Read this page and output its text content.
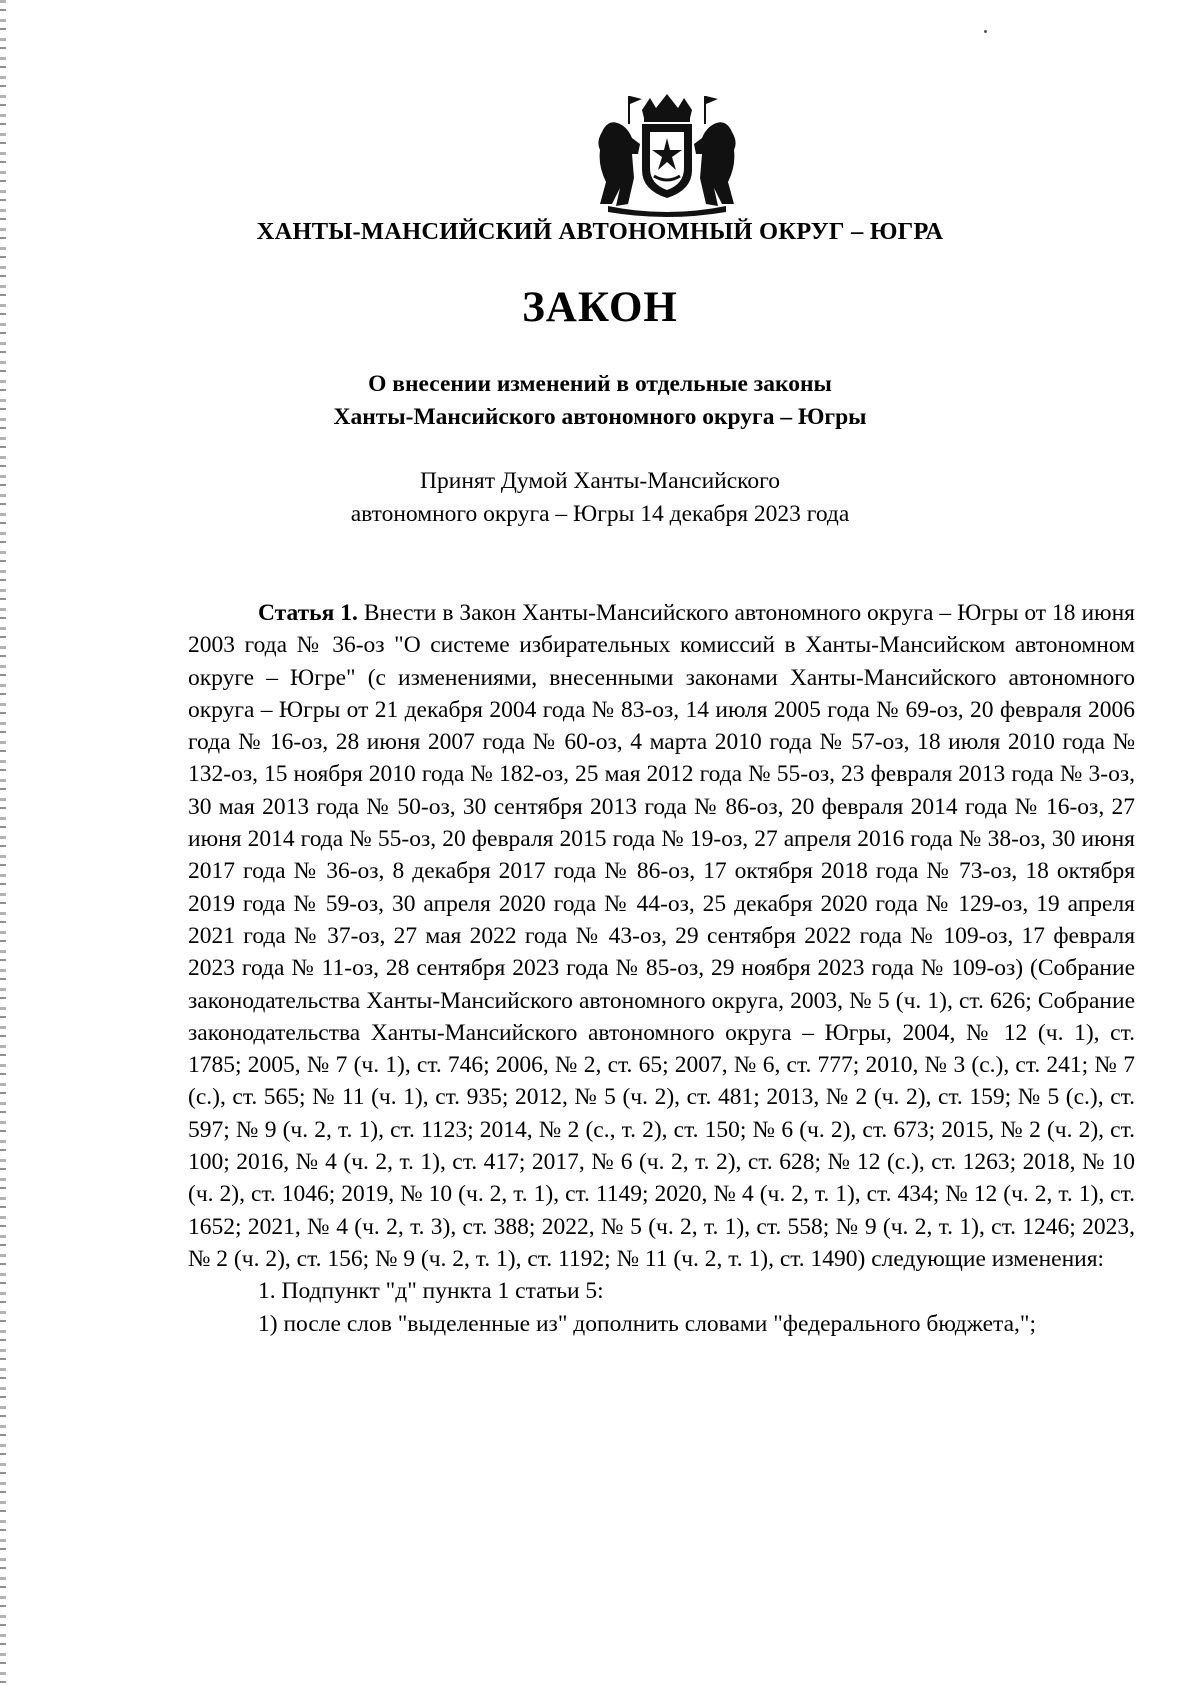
ХАНТЫ-МАНСИЙСКИЙ АВТОНОМНЫЙ ОКРУГ – ЮГРА
ЗАКОН
О внесении изменений в отдельные законы
Ханты-Мансийского автономного округа – Югры
Принят Думой Ханты-Мансийского
автономного округа – Югры 14 декабря 2023 года

Статья 1. Внести в Закон Ханты-Мансийского автономного округа – Югры от 18 июня 2003 года № 36-оз "О системе избирательных комиссий в Ханты-Мансийском автономном округе – Югре" (с изменениями, внесенными законами Ханты-Мансийского автономного округа – Югры от 21 декабря 2004 года № 83-оз, 14 июля 2005 года № 69-оз, 20 февраля 2006 года № 16-оз, 28 июня 2007 года № 60-оз, 4 марта 2010 года № 57-оз, 18 июля 2010 года № 132-оз, 15 ноября 2010 года № 182-оз, 25 мая 2012 года № 55-оз, 23 февраля 2013 года № 3-оз, 30 мая 2013 года № 50-оз, 30 сентября 2013 года № 86-оз, 20 февраля 2014 года № 16-оз, 27 июня 2014 года № 55-оз, 20 февраля 2015 года № 19-оз, 27 апреля 2016 года № 38-оз, 30 июня 2017 года № 36-оз, 8 декабря 2017 года № 86-оз, 17 октября 2018 года № 73-оз, 18 октября 2019 года № 59-оз, 30 апреля 2020 года № 44-оз, 25 декабря 2020 года № 129-оз, 19 апреля 2021 года № 37-оз, 27 мая 2022 года № 43-оз, 29 сентября 2022 года № 109-оз, 17 февраля 2023 года № 11-оз, 28 сентября 2023 года № 85-оз, 29 ноября 2023 года № 109-оз) (Собрание законодательства Ханты-Мансийского автономного округа, 2003, № 5 (ч. 1), ст. 626; Собрание законодательства Ханты-Мансийского автономного округа – Югры, 2004, № 12 (ч. 1), ст. 1785; 2005, № 7 (ч. 1), ст. 746; 2006, № 2, ст. 65; 2007, № 6, ст. 777; 2010, № 3 (с.), ст. 241; № 7 (с.), ст. 565; № 11 (ч. 1), ст. 935; 2012, № 5 (ч. 2), ст. 481; 2013, № 2 (ч. 2), ст. 159; № 5 (с.), ст. 597; № 9 (ч. 2, т. 1), ст. 1123; 2014, № 2 (с., т. 2), ст. 150; № 6 (ч. 2), ст. 673; 2015, № 2 (ч. 2), ст. 100; 2016, № 4 (ч. 2, т. 1), ст. 417; 2017, № 6 (ч. 2, т. 2), ст. 628; № 12 (с.), ст. 1263; 2018, № 10 (ч. 2), ст. 1046; 2019, № 10 (ч. 2, т. 1), ст. 1149; 2020, № 4 (ч. 2, т. 1), ст. 434; № 12 (ч. 2, т. 1), ст. 1652; 2021, № 4 (ч. 2, т. 3), ст. 388; 2022, № 5 (ч. 2, т. 1), ст. 558; № 9 (ч. 2, т. 1), ст. 1246; 2023, № 2 (ч. 2), ст. 156; № 9 (ч. 2, т. 1), ст. 1192; № 11 (ч. 2, т. 1), ст. 1490) следующие изменения:

1. Подпункт "д" пункта 1 статьи 5:

1) после слов "выделенные из" дополнить словами "федерального бюджета,";
